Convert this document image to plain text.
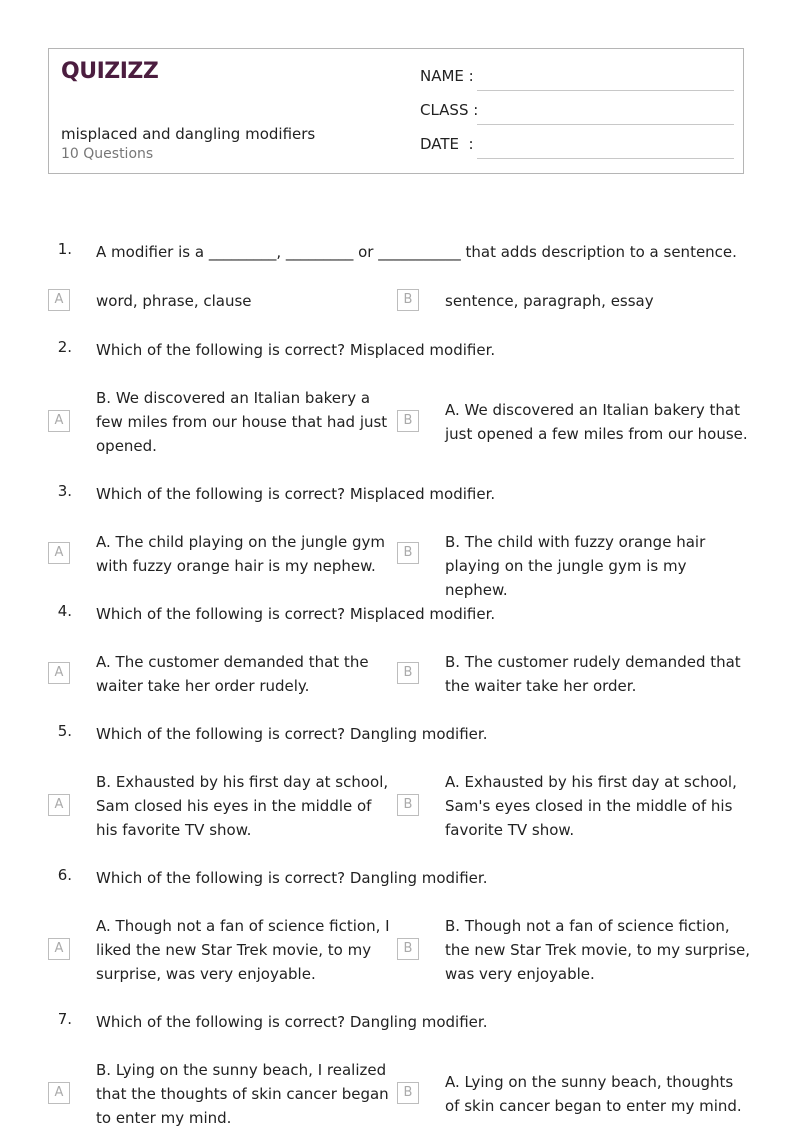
QUIZIZZ
misplaced and dangling modifiers
10 Questions
NAME :
CLASS :
DATE  :
1. A modifier is a _________, _________ or ___________ that adds description to a sentence.
A	word, phrase, clause	B	sentence, paragraph, essay
2. Which of the following is correct? Misplaced modifier.
A
B. We discovered an Italian bakery a few miles from our house that had just opened.
B
A. We discovered an Italian bakery that just opened a few miles from our house.
3. Which of the following is correct? Misplaced modifier.
A
A. The child playing on the jungle gym with fuzzy orange hair is my nephew.
B
B. The child with fuzzy orange hair playing on the jungle gym is my nephew.
4. Which of the following is correct? Misplaced modifier.
A
A. The customer demanded that the waiter take her order rudely.
B
B. The customer rudely demanded that the waiter take her order.
5. Which of the following is correct? Dangling modifier.
A
B. Exhausted by his first day at school, Sam closed his eyes in the middle of his favorite TV show.
B
A. Exhausted by his first day at school, Sam's eyes closed in the middle of his favorite TV show.
6. Which of the following is correct? Dangling modifier.
A
A. Though not a fan of science fiction, I liked the new Star Trek movie, to my surprise, was very enjoyable.
B
B. Though not a fan of science fiction, the new Star Trek movie, to my surprise, was very enjoyable.
7. Which of the following is correct? Dangling modifier.
A
B. Lying on the sunny beach, I realized that the thoughts of skin cancer began to enter my mind.
B
A. Lying on the sunny beach, thoughts of skin cancer began to enter my mind.
